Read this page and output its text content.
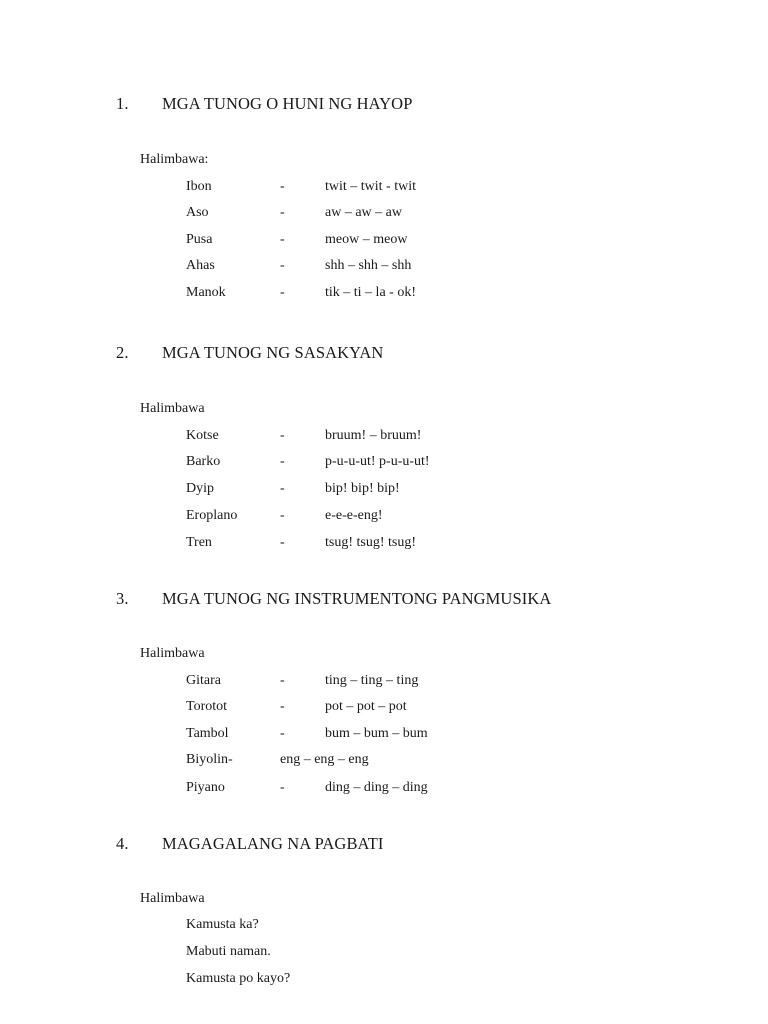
1. MGA TUNOG O HUNI NG HAYOP
Halimbawa:
Ibon	-	twit – twit - twit
Aso	-	aw – aw – aw
Pusa	-	meow – meow
Ahas	-	shh – shh – shh
Manok	-	tik – ti – la - ok!
2. MGA TUNOG NG SASAKYAN
Halimbawa
Kotse	-	bruum! – bruum!
Barko	-	p-u-u-ut! p-u-u-ut!
Dyip	-	bip! bip! bip!
Eroplano	-	e-e-e-eng!
Tren	-	tsug! tsug! tsug!
3. MGA TUNOG NG INSTRUMENTONG PANGMUSIKA
Halimbawa
Gitara	-	ting – ting – ting
Torotot	-	pot – pot – pot
Tambol	-	bum – bum – bum
Biyolin-	eng – eng – eng
Piyano	-	ding – ding – ding
4. MAGAGALANG NA PAGBATI
Halimbawa
Kamusta ka?
Mabuti naman.
Kamusta po kayo?
